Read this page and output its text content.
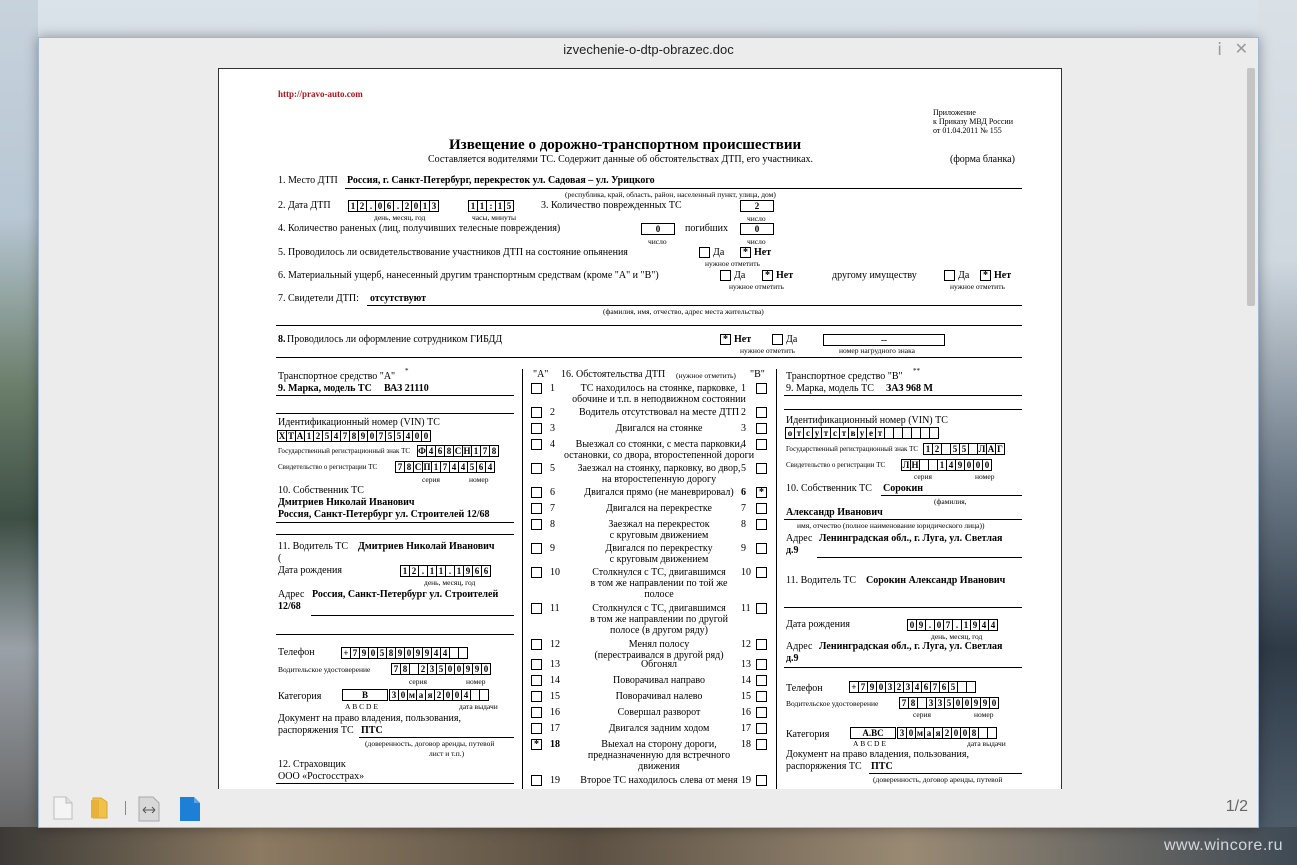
www.wincore.ru
izvechenie-o-dtp-obrazec.doc	ⅰ ✕
http://pravo-auto.com
Приложение
к Приказу МВД России
от 01.04.2011 № 155
Извещение о дорожно-транспортном происшествии
Составляется водителями ТС. Содержит данные об обстоятельствах ДТП, его участниках.	(форма бланка)
1. Место ДТП Россия, г. Санкт-Петербург, перекресток ул. Садовая – ул. Урицкого
(республика, край, область, район, населенный пункт, улица, дом)
2. Дата ДТП	1 2 . 0 6 . 2 0 1 3
день, месяц, год
1 1 : 1 5
часы, минуты
3. Количество поврежденных ТС	2
число
4. Количество раненых (лиц, получивших телесные повреждения)	0
число
погибших	0
число
5. Проводилось ли освидетельствование участников ДТП на состояние опьянения	Да	* Нет
нужное отметить
6. Материальный ущерб, нанесенный другим транспортным средствам (кроме "А" и "В")	Да	* Нет
нужное отметить
другому имуществу	Да	* Нет
нужное отметить
7. Свидетели ДТП: отсутствуют
(фамилия, имя, отчество, адрес места жительства)
8. Проводилось ли оформление сотрудником ГИБДД	* Нет	Да
нужное отметить
--
номер нагрудного знака
Транспортное средство "А" *
9. Марка, модель ТС ВАЗ 21110
Идентификационный номер (VIN) ТС
Х Т А 1 2 5 4 7 8 9 0 7 5 5 4 0 0
Государственный регистрационный знак ТС Ф 4 6 8 С Н 1 7 8
Свидетельство о регистрации ТС	7 8 С П 1 7 4 4 5 6 4
серия	номер
10. Собственник ТС
Дмитриев Николай Иванович
Россия, Санкт-Петербург ул. Строителей 12/68
11. Водитель ТС Дмитриев Николай Иванович
(
Дата рождения	1 2 . 1 1 . 1 9 6 6
день, месяц, год
Адрес Россия, Санкт-Петербург ул. Строителей
12/68
Телефон	+ 7 9 0 5 8 9 0 9 9 4 4
Водительское удостоверение	7 8	2 3 5 0 0 9 9 0
серия	номер
Категория	В
А В С D Е
3 0 м а я 2 0 0 4
дата выдачи
Документ на право владения, пользования,
распоряжения ТС ПТС
(доверенность, договор аренды, путевой
лист и т.п.)
12. Страховщик
ООО «Росгосстрах»
Транспортное средство "В" **
9. Марка, модель ТС ЗАЗ 968 М
Идентификационный номер (VIN) ТС
о т с у т с т в у е т
Государственный регистрационный знак ТС 1 2	5 5	Л А Г
Свидетельство о регистрации ТС Л Н	1 4 9 0 0 0
серия	номер
10. Собственник ТС Сорокин
(фамилия,
Александр Иванович
имя, отчество (полное наименование юридического лица))
Адрес Ленинградская обл., г. Луга, ул. Светлая
д.9
11. Водитель ТС Сорокин Александр Иванович
Дата рождения	0 9 . 0 7 . 1 9 4 4
день, месяц, год
Адрес Ленинградская обл., г. Луга, ул. Светлая
д.9
Телефон	+ 7 9 0 3 2 3 4 6 7 6 5
Водительское удостоверение	7 8	3 3 5 0 0 9 9 0
серия	номер
Категория	А.ВС
А В С D Е
3 0 м а я 2 0 0 8
дата выдачи
Документ на право владения, пользования,
распоряжения ТС ПТС
(доверенность, договор аренды, путевой
"А" 16. Обстоятельства ДТП (нужное отметить) "В"
1	ТС находилось на стоянке, парковке,
обочине и т.п. в неподвижном состоянии
1
2 Водитель отсутствовал на месте ДТП 2
3	Двигался на стоянке	3
4 Выезжал со стоянки, с места парковки,
остановки, со двора, второстепенной дороги
4
5 Заезжал на стоянку, парковку, во двор,
на второстепенную дорогу
5
6	Двигался прямо (не маневрировал) 6	*
7	Двигался на перекрестке	7
8	Заезжал на перекресток
с круговым движением
8
9	Двигался по перекрестку
с круговым движением
9
10	Столкнулся с ТС, двигавшимся
в том же направлении по той же
полосе
10
11	Столкнулся с ТС, двигавшимся
в том же направлении по другой
полосе (в другом ряду)
11
12	Менял полосу
(перестраивался в другой ряд)
12
13	Обгонял	13
14	Поворачивал направо	14
15	Поворачивал налево	15
16	Совершал разворот	16
17	Двигался задним ходом	17
*	18	Выехал на сторону дороги,
предназначенную для встречного
движения
18
19 Второе ТС находилось слева от меня 19
1/2
